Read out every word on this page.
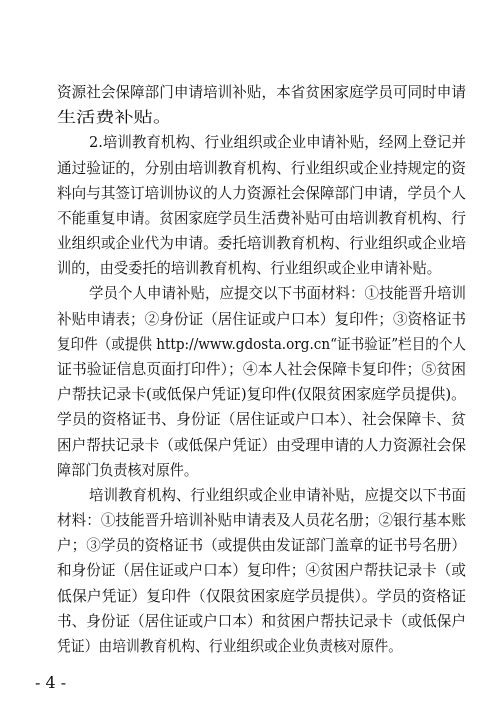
资源社会保障部门申请培训补贴，本省贫困家庭学员可同时申请
生活费补贴。
2.培训教育机构、行业组织或企业申请补贴，经网上登记并
通过验证的，分别由培训教育机构、行业组织或企业持规定的资
料向与其签订培训协议的人力资源社会保障部门申请，学员个人
不能重复申请。贫困家庭学员生活费补贴可由培训教育机构、行
业组织或企业代为申请。委托培训教育机构、行业组织或企业培
训的，由受委托的培训教育机构、行业组织或企业申请补贴。
学员个人申请补贴，应提交以下书面材料：①技能晋升培训
补贴申请表；②身份证（居住证或户口本）复印件；③资格证书
复印件（或提供 http://www.gdosta.org.cn“证书验证”栏目的个人
证书验证信息页面打印件）；④本人社会保障卡复印件；⑤贫困
户帮扶记录卡(或低保户凭证)复印件(仅限贫困家庭学员提供)。
学员的资格证书、身份证（居住证或户口本）、社会保障卡、贫
困户帮扶记录卡（或低保户凭证）由受理申请的人力资源社会保
障部门负责核对原件。
培训教育机构、行业组织或企业申请补贴，应提交以下书面
材料：①技能晋升培训补贴申请表及人员花名册；②银行基本账
户；③学员的资格证书（或提供由发证部门盖章的证书号名册）
和身份证（居住证或户口本）复印件；④贫困户帮扶记录卡（或
低保户凭证）复印件（仅限贫困家庭学员提供）。学员的资格证
书、身份证（居住证或户口本）和贫困户帮扶记录卡（或低保户
凭证）由培训教育机构、行业组织或企业负责核对原件。
- 4 -
